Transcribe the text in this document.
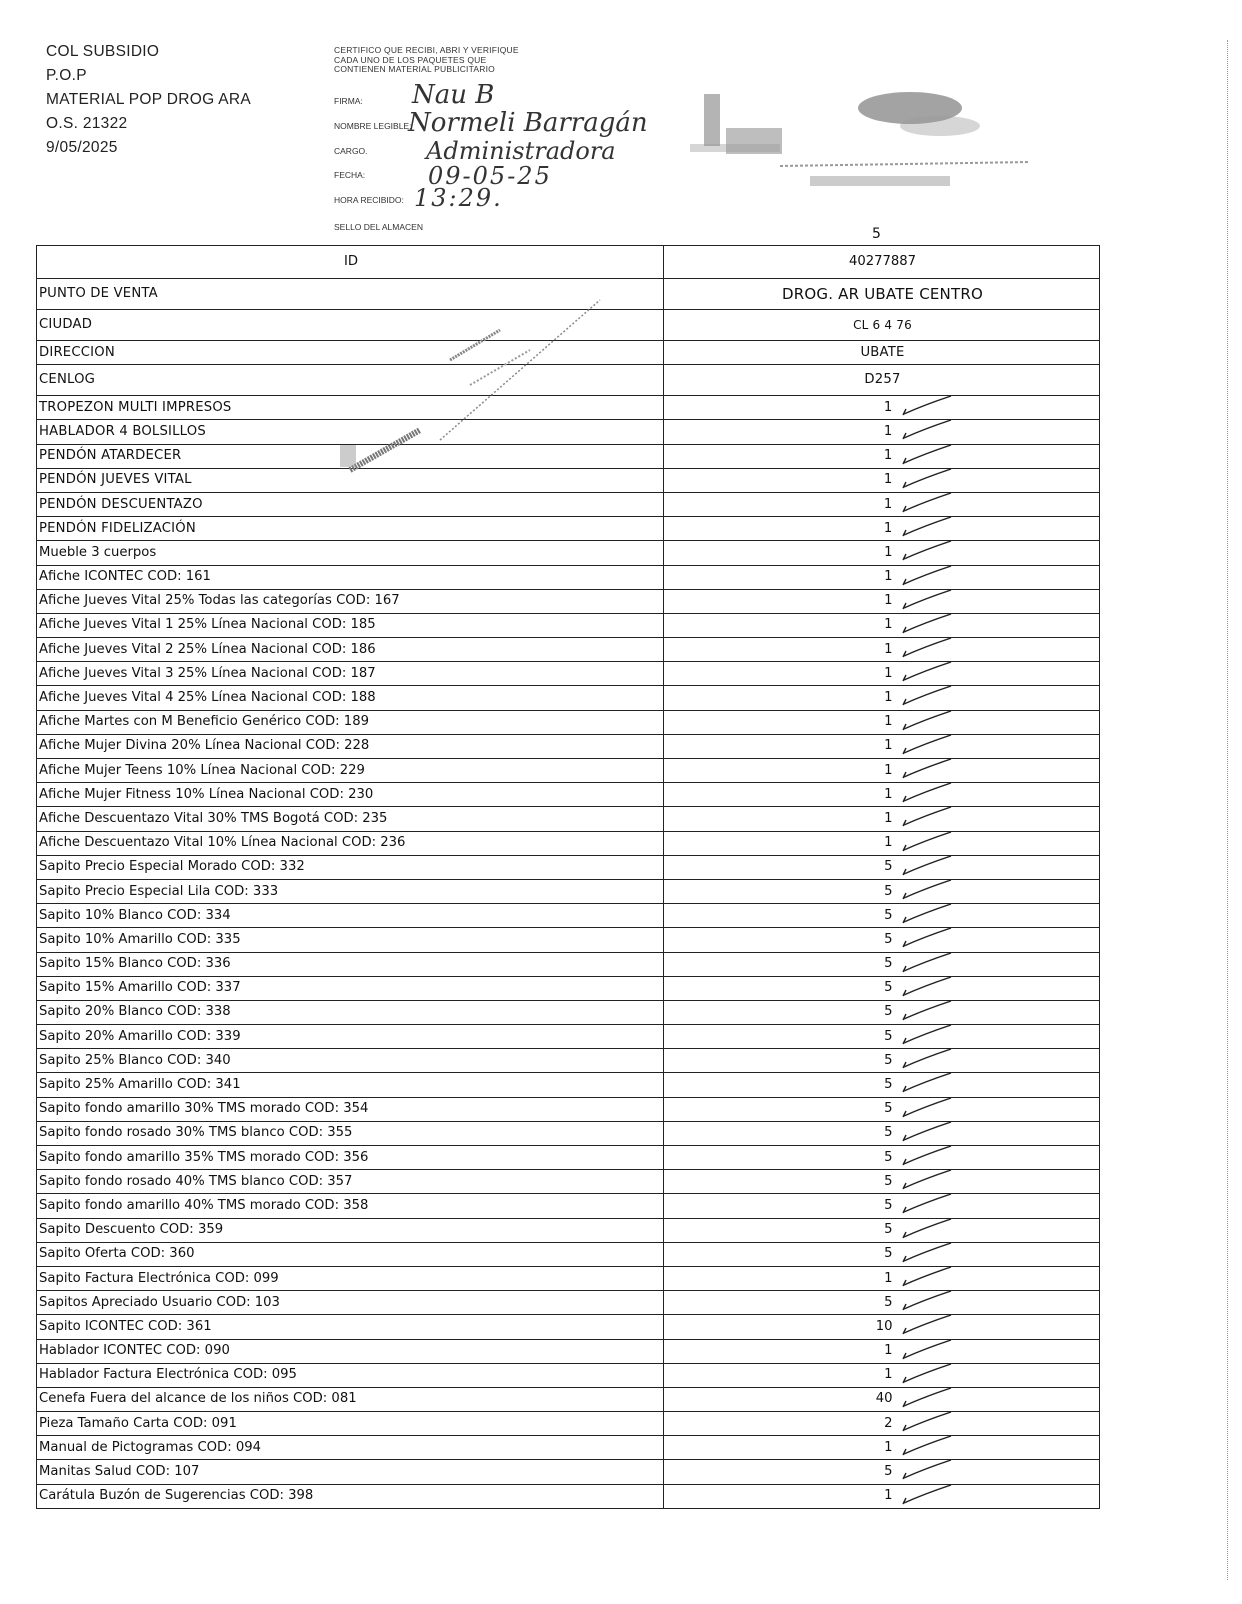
COL SUBSIDIO
P.O.P
MATERIAL POP DROG ARA
O.S. 21322
9/05/2025
CERTIFICO QUE RECIBI, ABRI Y VERIFIQUE
CADA UNO DE LOS PAQUETES QUE
CONTIENEN MATERIAL PUBLICITARIO
FIRMA:
NOMBRE LEGIBLE:
CARGO.
FECHA:
HORA RECIBIDO:
SELLO DEL ALMACEN
Nau B
Normeli Barragán
Administradora
09-05-25
13:29.
5
ID	40277887
PUNTO DE VENTA	DROG. AR UBATE CENTRO
CIUDAD	CL 6 4 76
DIRECCION	UBATE
CENLOG	D257
TROPEZON MULTI IMPRESOS	1

HABLADOR 4 BOLSILLOS	1

PENDÓN ATARDECER	1

PENDÓN JUEVES VITAL	1

PENDÓN DESCUENTAZO	1

PENDÓN FIDELIZACIÓN	1

Mueble 3 cuerpos	1

Afiche ICONTEC COD: 161	1

Afiche Jueves Vital 25% Todas las categorías COD: 167	1

Afiche Jueves Vital 1 25% Línea Nacional COD: 185	1

Afiche Jueves Vital 2 25% Línea Nacional COD: 186	1

Afiche Jueves Vital 3 25% Línea Nacional COD: 187	1

Afiche Jueves Vital 4 25% Línea Nacional COD: 188	1

Afiche Martes con M Beneficio Genérico COD: 189	1

Afiche Mujer Divina 20% Línea Nacional COD: 228	1

Afiche Mujer Teens 10% Línea Nacional COD: 229	1

Afiche Mujer Fitness 10% Línea Nacional COD: 230	1

Afiche Descuentazo Vital 30% TMS Bogotá COD: 235	1

Afiche Descuentazo Vital 10% Línea Nacional COD: 236	1

Sapito Precio Especial Morado COD: 332	5

Sapito Precio Especial Lila COD: 333	5

Sapito 10% Blanco COD: 334	5

Sapito 10% Amarillo COD: 335	5

Sapito 15% Blanco COD: 336	5

Sapito 15% Amarillo COD: 337	5

Sapito 20% Blanco COD: 338	5

Sapito 20% Amarillo COD: 339	5

Sapito 25% Blanco COD: 340	5

Sapito 25% Amarillo COD: 341	5

Sapito fondo amarillo 30% TMS morado COD: 354	5

Sapito fondo rosado 30% TMS blanco COD: 355	5

Sapito fondo amarillo 35% TMS morado COD: 356	5

Sapito fondo rosado 40% TMS blanco COD: 357	5

Sapito fondo amarillo 40% TMS morado COD: 358	5

Sapito Descuento COD: 359	5

Sapito Oferta COD: 360	5

Sapito Factura Electrónica COD: 099	1

Sapitos Apreciado Usuario COD: 103	5

Sapito ICONTEC COD: 361	10

Hablador ICONTEC COD: 090	1

Hablador Factura Electrónica COD: 095	1

Cenefa Fuera del alcance de los niños COD: 081	40

Pieza Tamaño Carta COD: 091	2

Manual de Pictogramas COD: 094	1

Manitas Salud COD: 107	5

Carátula Buzón de Sugerencias COD: 398	1
